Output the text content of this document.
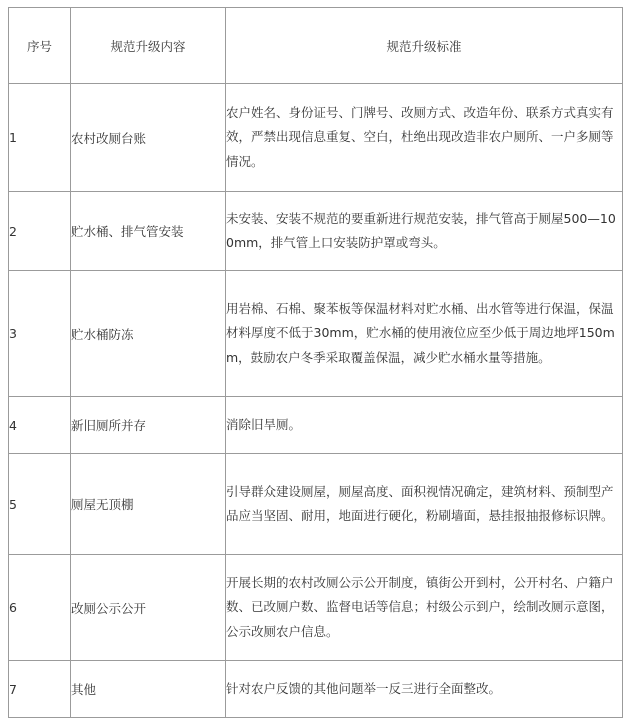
序号	规范升级内容	规范升级标准
1	农村改厕台账	农户姓名、身份证号、门牌号、改厕方式、改造年份、联系方式真实有效，严禁出现信息重复、空白，杜绝出现改造非农户厕所、一户多厕等情况。
2	贮水桶、排气管安装	未安装、安装不规范的要重新进行规范安装，排气管高于厕屋500—100mm，排气管上口安装防护罩或弯头。
3	贮水桶防冻	用岩棉、石棉、聚苯板等保温材料对贮水桶、出水管等进行保温，保温材料厚度不低于30mm，贮水桶的使用液位应至少低于周边地坪150mm，鼓励农户冬季采取覆盖保温，减少贮水桶水量等措施。
4	新旧厕所并存	消除旧旱厕。
5	厕屋无顶棚	引导群众建设厕屋，厕屋高度、面积视情况确定，建筑材料、预制型产品应当坚固、耐用，地面进行硬化，粉刷墙面，悬挂报抽报修标识牌。
6	改厕公示公开	开展长期的农村改厕公示公开制度，镇街公开到村，公开村名、户籍户数、已改厕户数、监督电话等信息；村级公示到户，绘制改厕示意图，公示改厕农户信息。
7	其他	针对农户反馈的其他问题举一反三进行全面整改。
